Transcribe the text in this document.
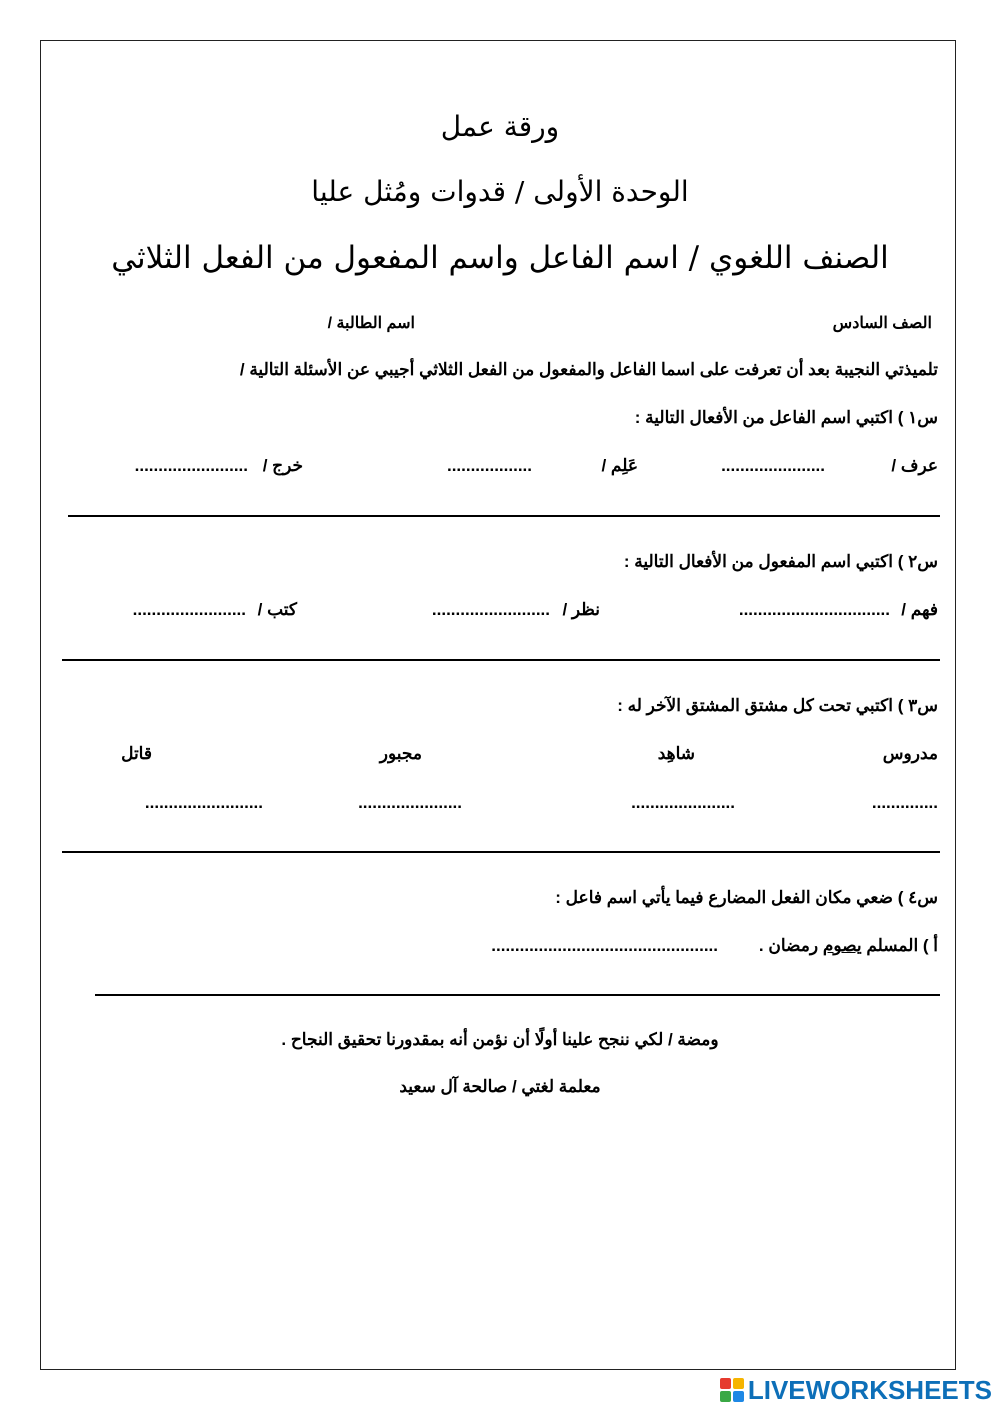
ورقة عمل
الوحدة الأولى / قدوات ومُثل عليا
الصنف اللغوي / اسم الفاعل واسم المفعول من الفعل الثلاثي
الصف السادس
اسم الطالبة /
تلميذتي النجيبة بعد أن تعرفت على اسما الفاعل والمفعول من الفعل الثلاثي أجيبي عن الأسئلة التالية /
س١ ) اكتبي اسم الفاعل من الأفعال التالية :
عرف /
......................
عَلِم /
..................
خرج /
........................
س٢ ) اكتبي اسم المفعول من الأفعال التالية :
فهم /
................................
نظر /
.........................
كتب /
........................
س٣ ) اكتبي تحت كل مشتق المشتق الآخر له :
مدروس
شاهِد
مجبور
قاتل
..............
......................
......................
.........................
س٤ ) ضعي مكان الفعل المضارع فيما يأتي اسم فاعل :
أ ) المسلم يصوم رمضان .
................................................
ومضة / لكي ننجح علينا أولًا أن نؤمن أنه بمقدورنا تحقيق النجاح .
معلمة لغتي / صالحة آل سعيد
LIVEWORKSHEETS
